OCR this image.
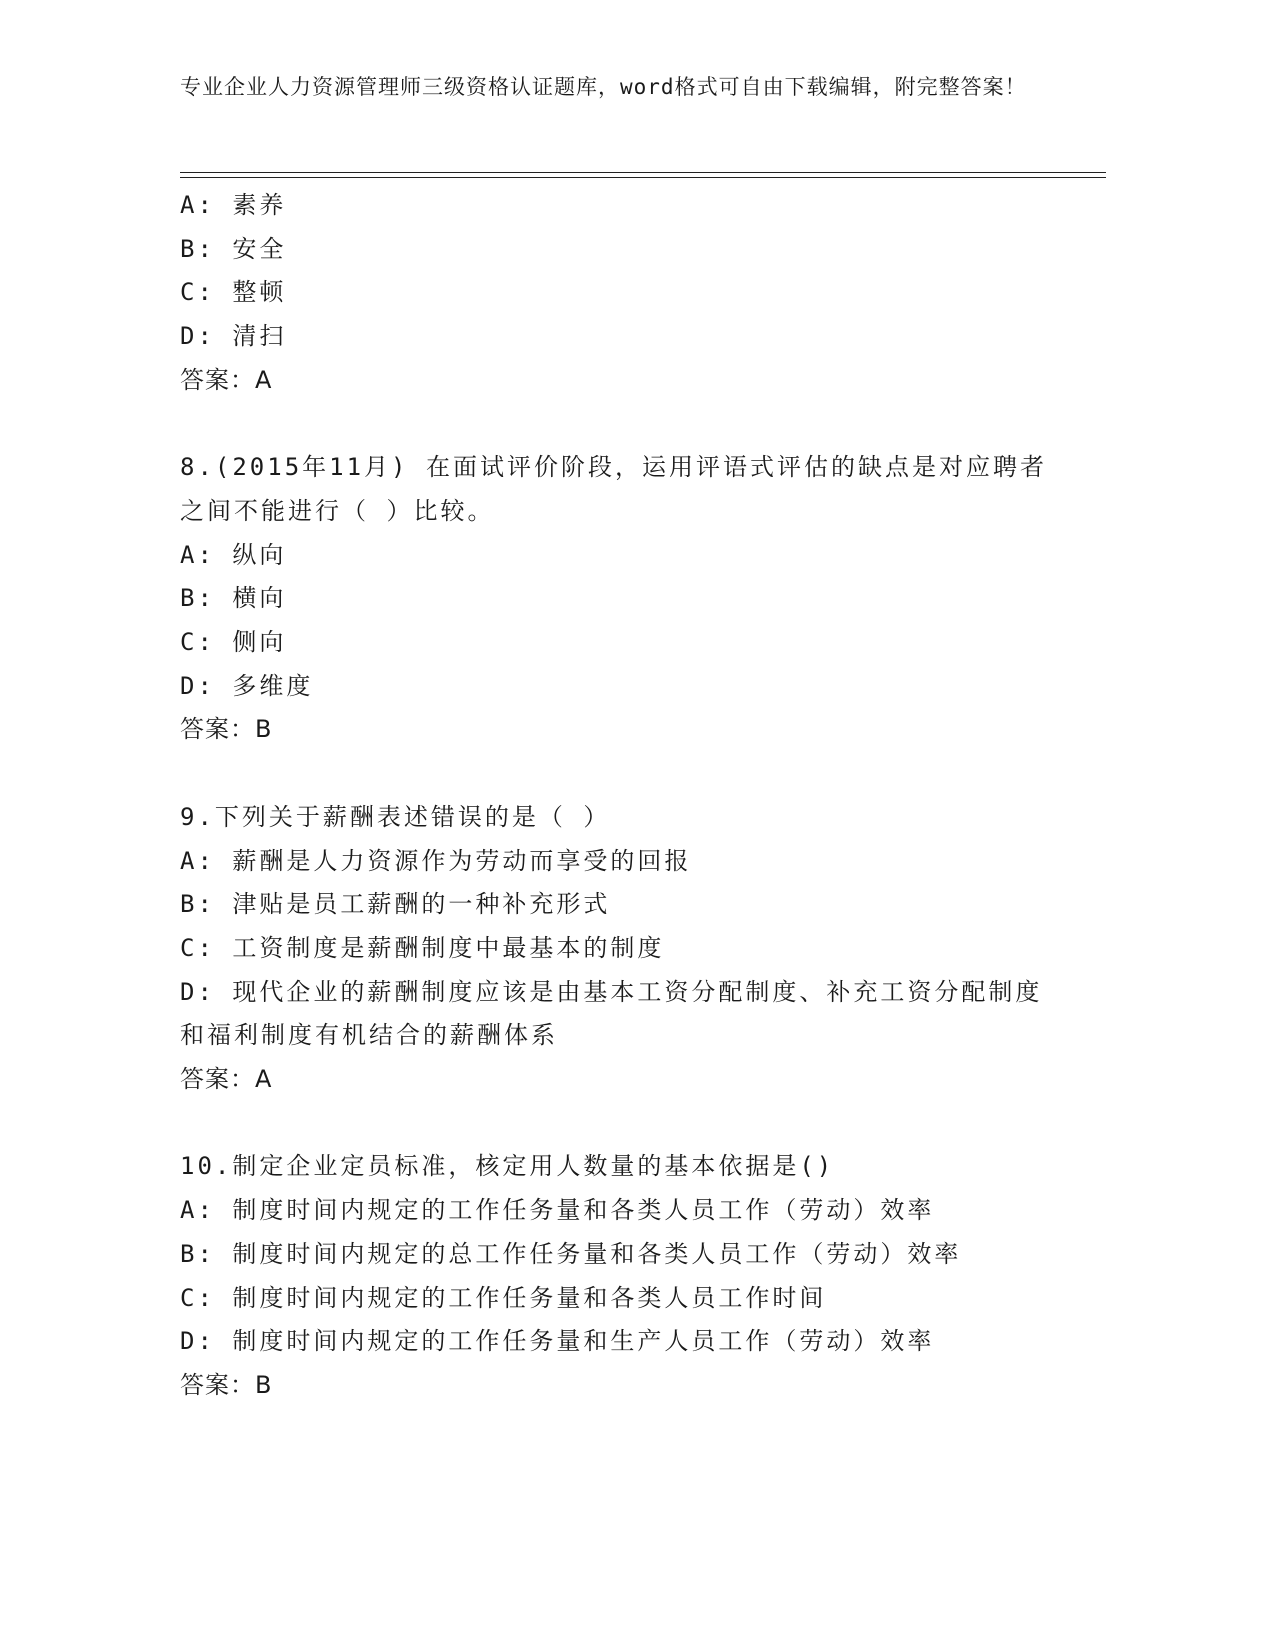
专业企业人力资源管理师三级资格认证题库，word格式可自由下载编辑，附完整答案！
A: 素养
B: 安全
C: 整顿
D: 清扫
答案：A
8.(2015年11月) 在面试评价阶段，运用评语式评估的缺点是对应聘者之间不能进行（ ）比较。
A: 纵向
B: 横向
C: 侧向
D: 多维度
答案：B
9.下列关于薪酬表述错误的是（ ）
A: 薪酬是人力资源作为劳动而享受的回报
B: 津贴是员工薪酬的一种补充形式
C: 工资制度是薪酬制度中最基本的制度
D: 现代企业的薪酬制度应该是由基本工资分配制度、补充工资分配制度和福利制度有机结合的薪酬体系
答案：A
10.制定企业定员标准，核定用人数量的基本依据是()
A: 制度时间内规定的工作任务量和各类人员工作（劳动）效率
B: 制度时间内规定的总工作任务量和各类人员工作（劳动）效率
C: 制度时间内规定的工作任务量和各类人员工作时间
D: 制度时间内规定的工作任务量和生产人员工作（劳动）效率
答案：B
